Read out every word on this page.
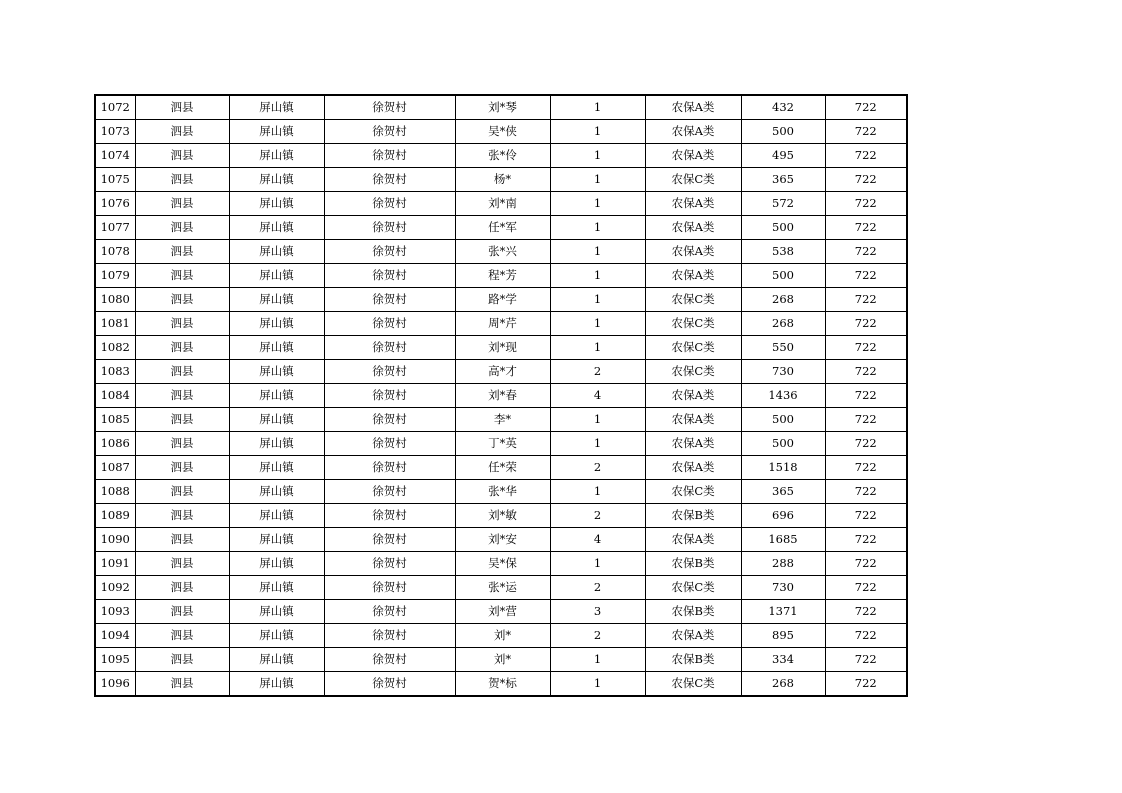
1072	泗县	屏山镇	徐贺村	刘*琴	1	农保A类	432	722
1073	泗县	屏山镇	徐贺村	吴*侠	1	农保A类	500	722
1074	泗县	屏山镇	徐贺村	张*伶	1	农保A类	495	722
1075	泗县	屏山镇	徐贺村	杨*	1	农保C类	365	722
1076	泗县	屏山镇	徐贺村	刘*南	1	农保A类	572	722
1077	泗县	屏山镇	徐贺村	任*军	1	农保A类	500	722
1078	泗县	屏山镇	徐贺村	张*兴	1	农保A类	538	722
1079	泗县	屏山镇	徐贺村	程*芳	1	农保A类	500	722
1080	泗县	屏山镇	徐贺村	路*学	1	农保C类	268	722
1081	泗县	屏山镇	徐贺村	周*芹	1	农保C类	268	722
1082	泗县	屏山镇	徐贺村	刘*现	1	农保C类	550	722
1083	泗县	屏山镇	徐贺村	高*才	2	农保C类	730	722
1084	泗县	屏山镇	徐贺村	刘*春	4	农保A类	1436	722
1085	泗县	屏山镇	徐贺村	李*	1	农保A类	500	722
1086	泗县	屏山镇	徐贺村	丁*英	1	农保A类	500	722
1087	泗县	屏山镇	徐贺村	任*荣	2	农保A类	1518	722
1088	泗县	屏山镇	徐贺村	张*华	1	农保C类	365	722
1089	泗县	屏山镇	徐贺村	刘*敏	2	农保B类	696	722
1090	泗县	屏山镇	徐贺村	刘*安	4	农保A类	1685	722
1091	泗县	屏山镇	徐贺村	吴*保	1	农保B类	288	722
1092	泗县	屏山镇	徐贺村	张*运	2	农保C类	730	722
1093	泗县	屏山镇	徐贺村	刘*营	3	农保B类	1371	722
1094	泗县	屏山镇	徐贺村	刘*	2	农保A类	895	722
1095	泗县	屏山镇	徐贺村	刘*	1	农保B类	334	722
1096	泗县	屏山镇	徐贺村	贺*标	1	农保C类	268	722
